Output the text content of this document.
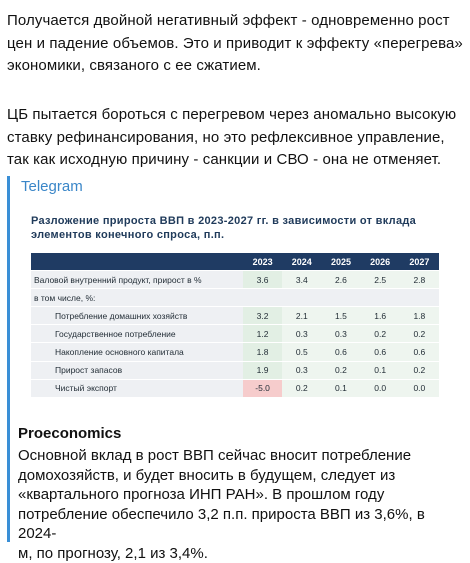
Получается двойной негативный эффект - одновременно рост
цен и падение объемов. Это и приводит к эффекту «перегрева»
экономики, связаного с ее сжатием.

ЦБ пытается бороться с перегревом через аномально высокую
ставку рефинансирования, но это рефлексивное управление,
так как исходную причину - санкции и СВО - она не отменяет.

Telegram

Разложение прироста ВВП в 2023-2027 гг. в зависимости от вклада
элементов конечного спроса, п.п.

п	2023	2024	2025	2026	2027
Валовой внутренний продукт, прирост в %	3.6	3.4	2.6	2.5	2.8
в том числе, %:					
Потребление домашних хозяйств	3.2	2.1	1.5	1.6	1.8
Государственное потребление	1.2	0.3	0.3	0.2	0.2
Накопление основного капитала	1.8	0.5	0.6	0.6	0.6
Прирост запасов	1.9	0.3	0.2	0.1	0.2
Чистый экспорт	-5.0	0.2	0.1	0.0	0.0
Proeconomics

Основной вклад в рост ВВП сейчас вносит потребление
домохозяйств, и будет вносить в будущем, следует из
«квартального прогноза ИНП РАН». В прошлом году
потребление обеспечило 3,2 п.п. прироста ВВП из 3,6%, в 2024-
м, по прогнозу, 2,1 из 3,4%.
